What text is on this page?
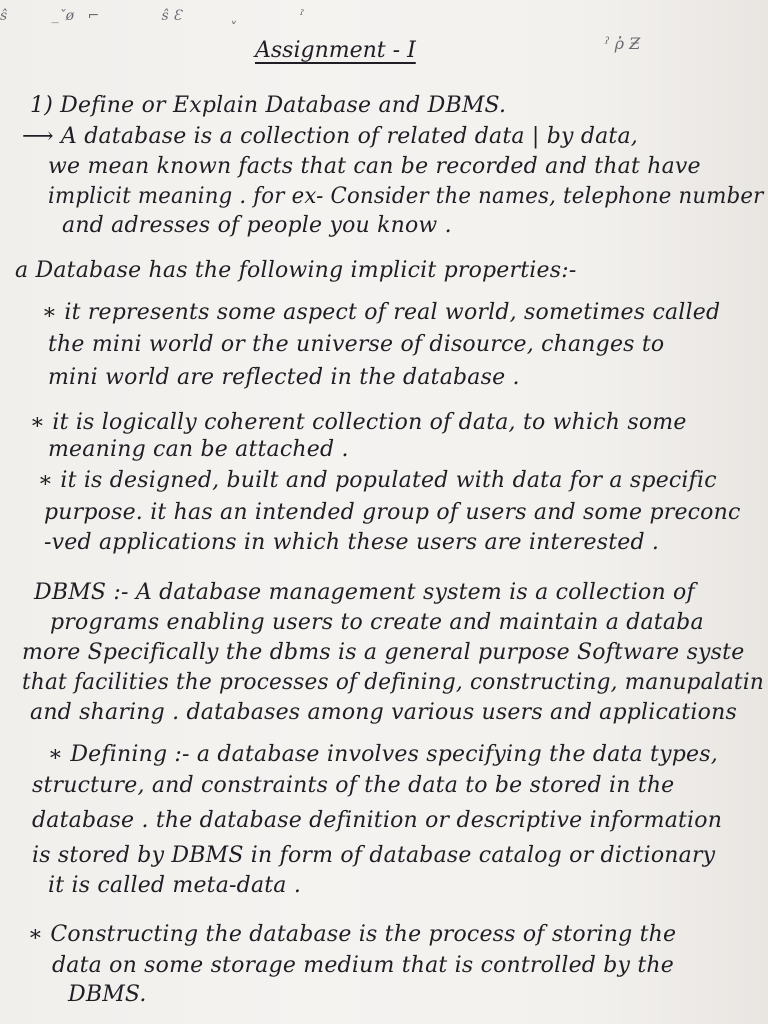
ŝ          _ˇø   ⌐              ŝ Ɛ           ˬ              ˀ
ˀ ῥ Ƶ
Assignment - I
1) Define or Explain Database and DBMS.
⟶ A database is a collection of related data | by data,
we mean known facts that can be recorded and that have
implicit meaning . for ex- Consider the names, telephone number
and adresses of people you know .
a Database has the following implicit properties:-
∗ it represents some aspect of real world, sometimes called
the mini world or the universe of disource, changes to
mini world are reflected in the database .
∗ it is logically coherent collection of data, to which some
meaning can be attached .
∗ it is designed, built and populated with data for a specific
purpose. it has an intended group of users and some preconc
-ved applications in which these users are interested .
DBMS :- A database management system is a collection of
programs enabling users to create and maintain a databa
more Specifically the dbms is a general purpose Software syste
that facilities the processes of defining, constructing, manupalatin
and sharing . databases among various users and applications
∗ Defining :- a database involves specifying the data types,
structure, and constraints of the data to be stored in the
database . the database definition or descriptive information
is stored by DBMS in form of database catalog or dictionary
it is called meta-data .
∗ Constructing the database is the process of storing the
data on some storage medium that is controlled by the
DBMS.
